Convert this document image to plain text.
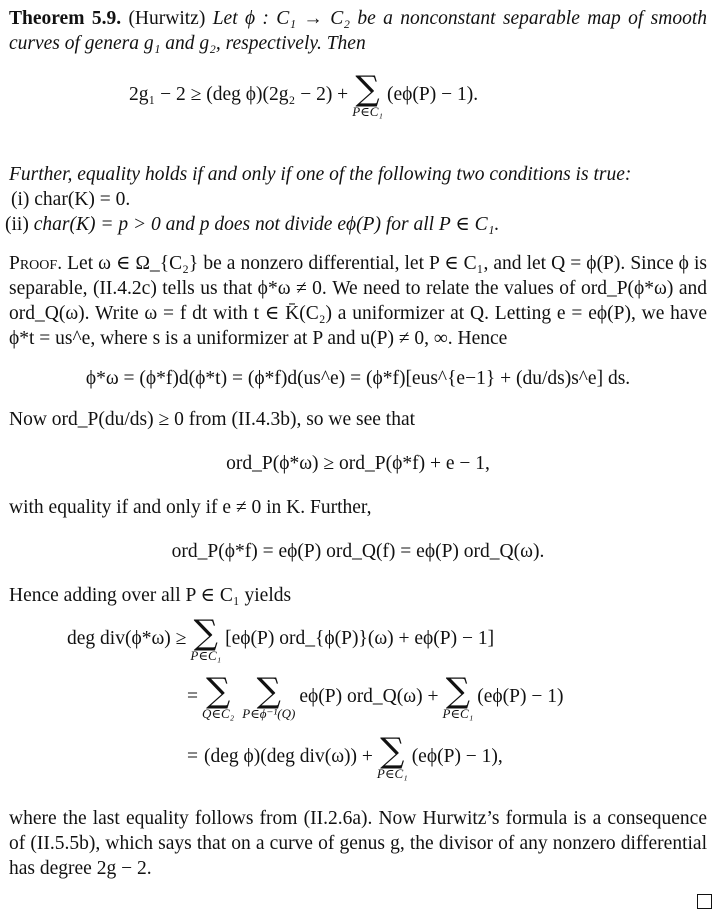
Theorem 5.9. (Hurwitz) Let ϕ : C₁ → C₂ be a nonconstant separable map of smooth curves of genera g₁ and g₂, respectively. Then

2g₁ − 2 ≥ (deg ϕ)(2g₂ − 2) + ∑
P∈C₁
(eϕ(P) − 1).

Further, equality holds if and only if one of the following two conditions is true:

(i) char(K) = 0.

(ii) char(K) = p > 0 and p does not divide eϕ(P) for all P ∈ C₁.

Proof. Let ω ∈ Ω_{C₂} be a nonzero differential, let P ∈ C₁, and let Q = ϕ(P). Since ϕ is separable, (II.4.2c) tells us that ϕ*ω ≠ 0. We need to relate the values of ord_P(ϕ*ω) and ord_Q(ω). Write ω = f dt with t ∈ K̄(C₂) a uniformizer at Q. Letting e = eϕ(P), we have ϕ*t = us^e, where s is a uniformizer at P and u(P) ≠ 0, ∞. Hence

ϕ*ω = (ϕ*f)d(ϕ*t) = (ϕ*f)d(us^e) = (ϕ*f)[eus^{e−1} + (du/ds)s^e] ds.

Now ord_P(du/ds) ≥ 0 from (II.4.3b), so we see that

ord_P(ϕ*ω) ≥ ord_P(ϕ*f) + e − 1,

with equality if and only if e ≠ 0 in K. Further,

ord_P(ϕ*f) = eϕ(P) ord_Q(f) = eϕ(P) ord_Q(ω).

Hence adding over all P ∈ C₁ yields

deg div(ϕ*ω) ≥ ∑
P∈C₁
[eϕ(P) ord_{ϕ(P)}(ω) + eϕ(P) − 1]
= ∑
Q∈C₂
∑
P∈ϕ⁻¹(Q)
eϕ(P) ord_Q(ω) + ∑
P∈C₁
(eϕ(P) − 1)
= (deg ϕ)(deg div(ω)) + ∑
P∈C₁
(eϕ(P) − 1),

where the last equality follows from (II.2.6a). Now Hurwitz’s formula is a consequence of (II.5.5b), which says that on a curve of genus g, the divisor of any nonzero differential has degree 2g − 2.
